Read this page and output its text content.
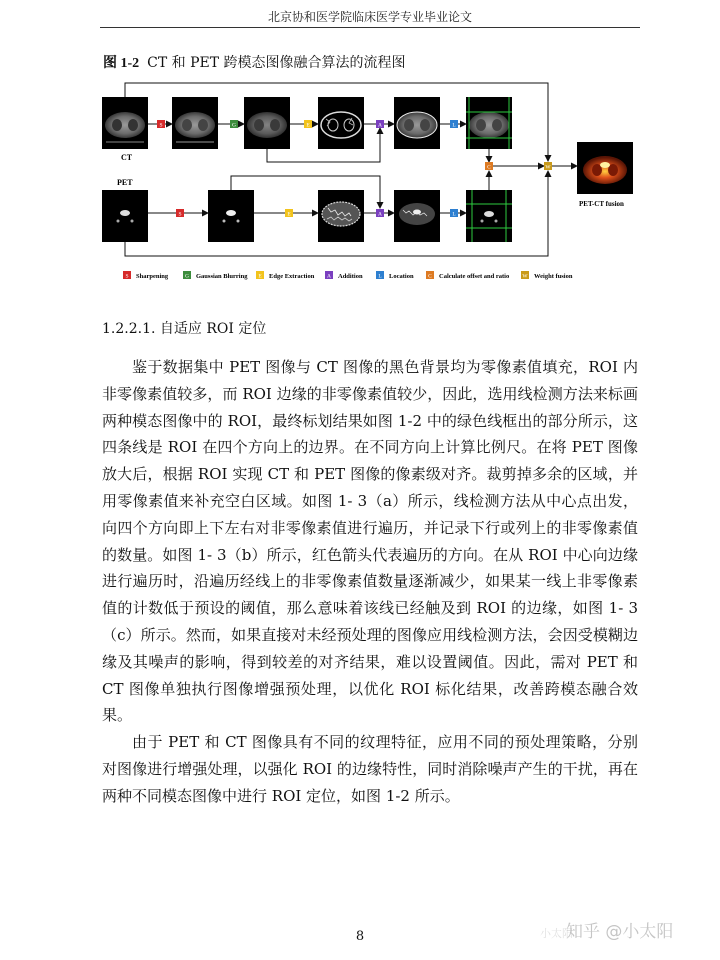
北京协和医学院临床医学专业毕业论文
图 1-2 CT 和 PET 跨模态图像融合算法的流程图
CT
PET
PET-CT fusion
S	G	E	A	L
C	W
S	E	A	L
S Sharpening	G Gaussian Blurring E Edge Extraction A Addition	L Location	C Calculate offset and ratio W Weight fusion
1.2.2.1. 自适应 ROI 定位

鉴于数据集中 PET 图像与 CT 图像的黑色背景均为零像素值填充，ROI 内非零像素值较多，而 ROI 边缘的非零像素值较少，因此，选用线检测方法来标画两种模态图像中的 ROI，最终标划结果如图 1-2 中的绿色线框出的部分所示，这四条线是 ROI 在四个方向上的边界。在不同方向上计算比例尺。在将 PET 图像放大后，根据 ROI 实现 CT 和 PET 图像的像素级对齐。裁剪掉多余的区域，并用零像素值来补充空白区域。如图 1- 3（a）所示，线检测方法从中心点出发，向四个方向即上下左右对非零像素值进行遍历，并记录下行或列上的非零像素值的数量。如图 1- 3（b）所示，红色箭头代表遍历的方向。在从 ROI 中心向边缘进行遍历时，沿遍历经线上的非零像素值数量逐渐减少，如果某一线上非零像素值的计数低于预设的阈值，那么意味着该线已经触及到 ROI 的边缘，如图 1- 3（c）所示。然而，如果直接对未经预处理的图像应用线检测方法，会因受模糊边缘及其噪声的影响，得到较差的对齐结果，难以设置阈值。因此，需对 PET 和 CT 图像单独执行图像增强预处理，以优化 ROI 标化结果，改善跨模态融合效果。

由于 PET 和 CT 图像具有不同的纹理特征，应用不同的预处理策略，分别对图像进行增强处理，以强化 ROI 的边缘特性，同时消除噪声产生的干扰，再在两种不同模态图像中进行 ROI 定位，如图 1-2 所示。

8	小太阳
知乎 @小太阳
